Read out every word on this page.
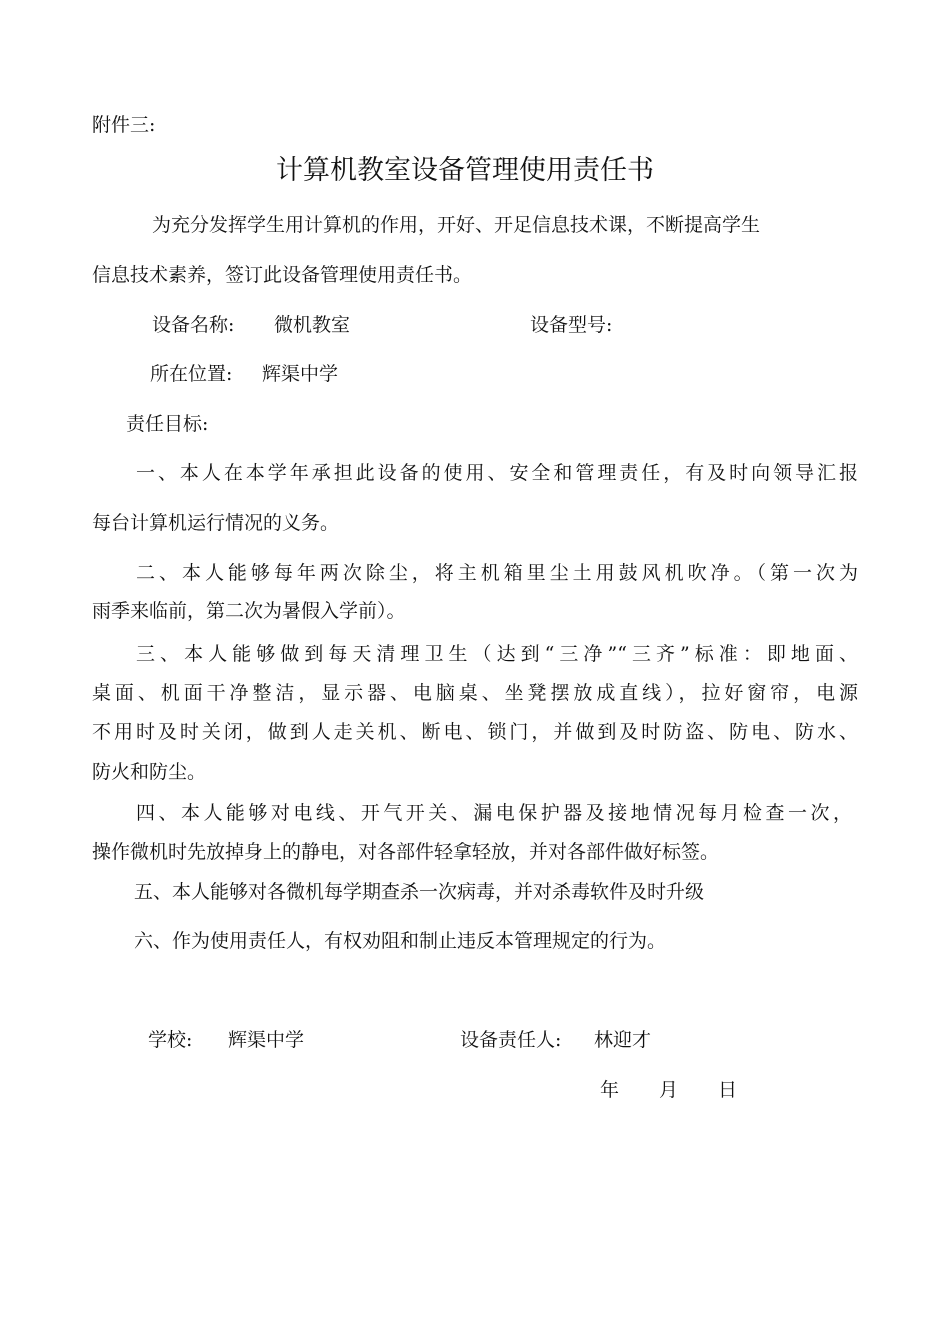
附件三:
计算机教室设备管理使用责任书
为充分发挥学生用计算机的作用，开好、开足信息技术课，不断提高学生
信息技术素养，签订此设备管理使用责任书。
设备名称: 微机教室	设备型号:
所在位置: 辉渠中学
责任目标:
一、本人在本学年承担此设备的使用、安全和管理责任，有及时向领导汇报
每台计算机运行情况的义务。
二、本人能够每年两次除尘，将主机箱里尘土用鼓风机吹净。（第一次为
雨季来临前，第二次为暑假入学前）。
三、本人能够做到每天清理卫生（达到“三净”“三齐”标准：即地面、
桌面、机面干净整洁，显示器、电脑桌、坐凳摆放成直线），拉好窗帘，电源
不用时及时关闭，做到人走关机、断电、锁门，并做到及时防盗、防电、防水、
防火和防尘。
四、本人能够对电线、开气开关、漏电保护器及接地情况每月检查一次，
操作微机时先放掉身上的静电，对各部件轻拿轻放，并对各部件做好标签。
五、本人能够对各微机每学期查杀一次病毒，并对杀毒软件及时升级
六、作为使用责任人，有权劝阻和制止违反本管理规定的行为。
学校: 辉渠中学	设备责任人: 林迎才
年 月 日
